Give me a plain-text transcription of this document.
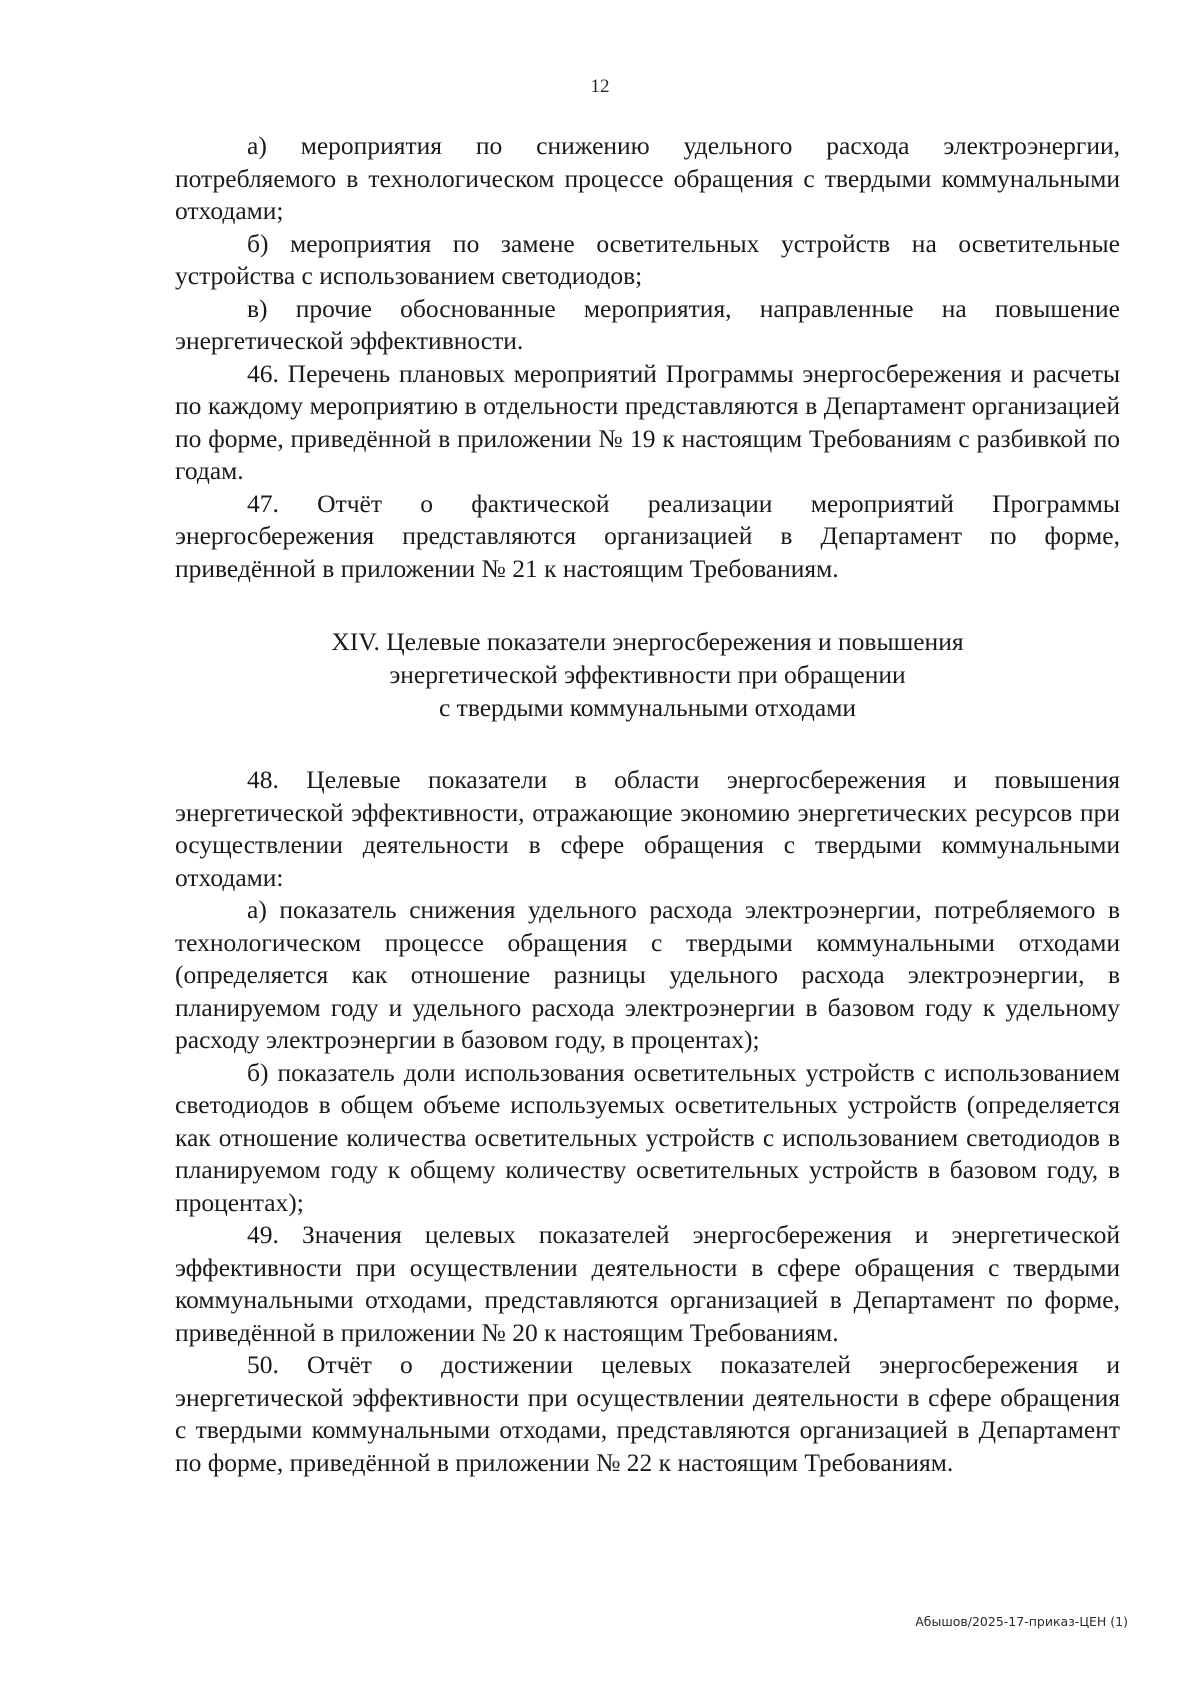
12

а) мероприятия по снижению удельного расхода электроэнергии, потребляемого в технологическом процессе обращения с твердыми коммунальными отходами;

б) мероприятия по замене осветительных устройств на осветительные устройства с использованием светодиодов;

в) прочие обоснованные мероприятия, направленные на повышение энергетической эффективности.

46. Перечень плановых мероприятий Программы энергосбережения и расчеты по каждому мероприятию в отдельности представляются в Департамент организацией по форме, приведённой в приложении № 19 к настоящим Требованиям с разбивкой по годам.

47. Отчёт о фактической реализации мероприятий Программы энергосбережения представляются организацией в Департамент по форме, приведённой в приложении № 21 к настоящим Требованиям.

XIV. Целевые показатели энергосбережения и повышения
энергетической эффективности при обращении
с твердыми коммунальными отходами

48. Целевые показатели в области энергосбережения и повышения энергетической эффективности, отражающие экономию энергетических ресурсов при осуществлении деятельности в сфере обращения с твердыми коммунальными отходами:

а) показатель снижения удельного расхода электроэнергии, потребляемого в технологическом процессе обращения с твердыми коммунальными отходами (определяется как отношение разницы удельного расхода электроэнергии, в планируемом году и удельного расхода электроэнергии в базовом году к удельному расходу электроэнергии в базовом году, в процентах);

б) показатель доли использования осветительных устройств с использованием светодиодов в общем объеме используемых осветительных устройств (определяется как отношение количества осветительных устройств с использованием светодиодов в планируемом году к общему количеству осветительных устройств в базовом году, в процентах);

49. Значения целевых показателей энергосбережения и энергетической эффективности при осуществлении деятельности в сфере обращения с твердыми коммунальными отходами, представляются организацией в Департамент по форме, приведённой в приложении № 20 к настоящим Требованиям.

50. Отчёт о достижении целевых показателей энергосбережения и энергетической эффективности при осуществлении деятельности в сфере обращения с твердыми коммунальными отходами, представляются организацией в Департамент по форме, приведённой в приложении № 22 к настоящим Требованиям.

Абышов/2025-17-приказ-ЦЕН (1)
